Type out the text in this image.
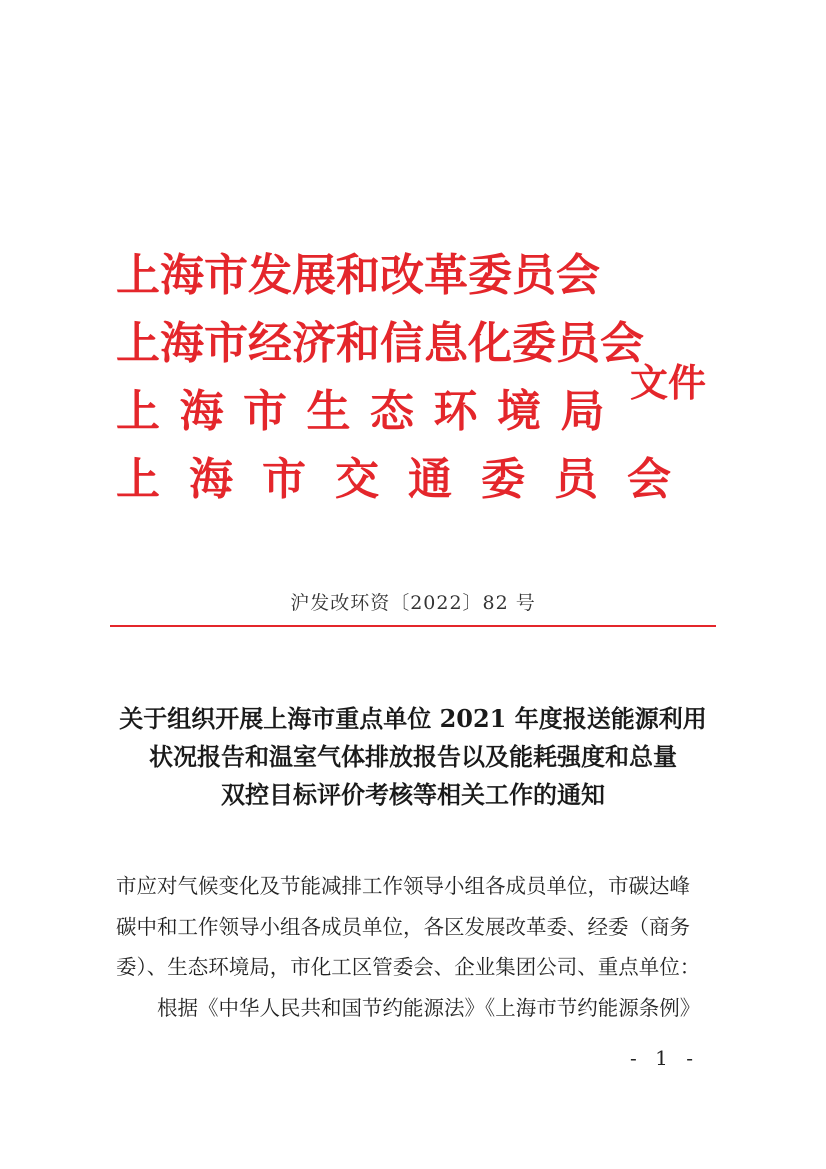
上海市发展和改革委员会
上海市经济和信息化委员会
上海市生态环境局
上海市交通委员会
文件
沪发改环资〔2022〕82 号
关于组织开展上海市重点单位 2021 年度报送能源利用
状况报告和温室气体排放报告以及能耗强度和总量
双控目标评价考核等相关工作的通知
市应对气候变化及节能减排工作领导小组各成员单位，市碳达峰
碳中和工作领导小组各成员单位，各区发展改革委、经委（商务
委）、生态环境局，市化工区管委会、企业集团公司、重点单位：
根据《中华人民共和国节约能源法》《上海市节约能源条例》
- 1 -
